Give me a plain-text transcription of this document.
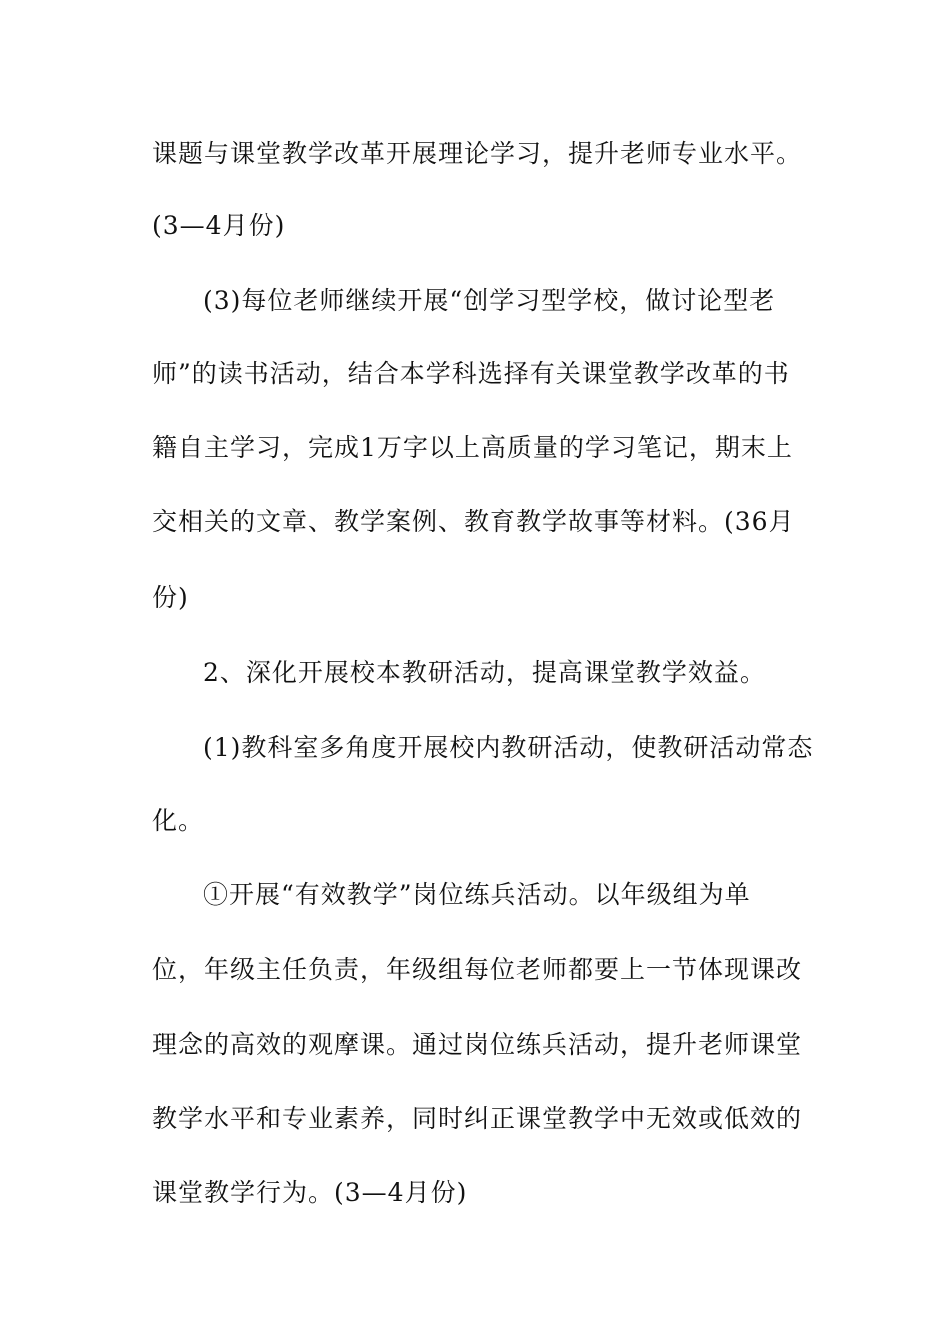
课题与课堂教学改革开展理论学习，提升老师专业水平。
(3—4月份)
(3)每位老师继续开展“创学习型学校，做讨论型老
师”的读书活动，结合本学科选择有关课堂教学改革的书
籍自主学习，完成1万字以上高质量的学习笔记，期末上
交相关的文章、教学案例、教育教学故事等材料。(36月
份)
2、深化开展校本教研活动，提高课堂教学效益。
(1)教科室多角度开展校内教研活动，使教研活动常态
化。
①开展“有效教学”岗位练兵活动。以年级组为单
位，年级主任负责，年级组每位老师都要上一节体现课改
理念的高效的观摩课。通过岗位练兵活动，提升老师课堂
教学水平和专业素养，同时纠正课堂教学中无效或低效的
课堂教学行为。(3—4月份)
